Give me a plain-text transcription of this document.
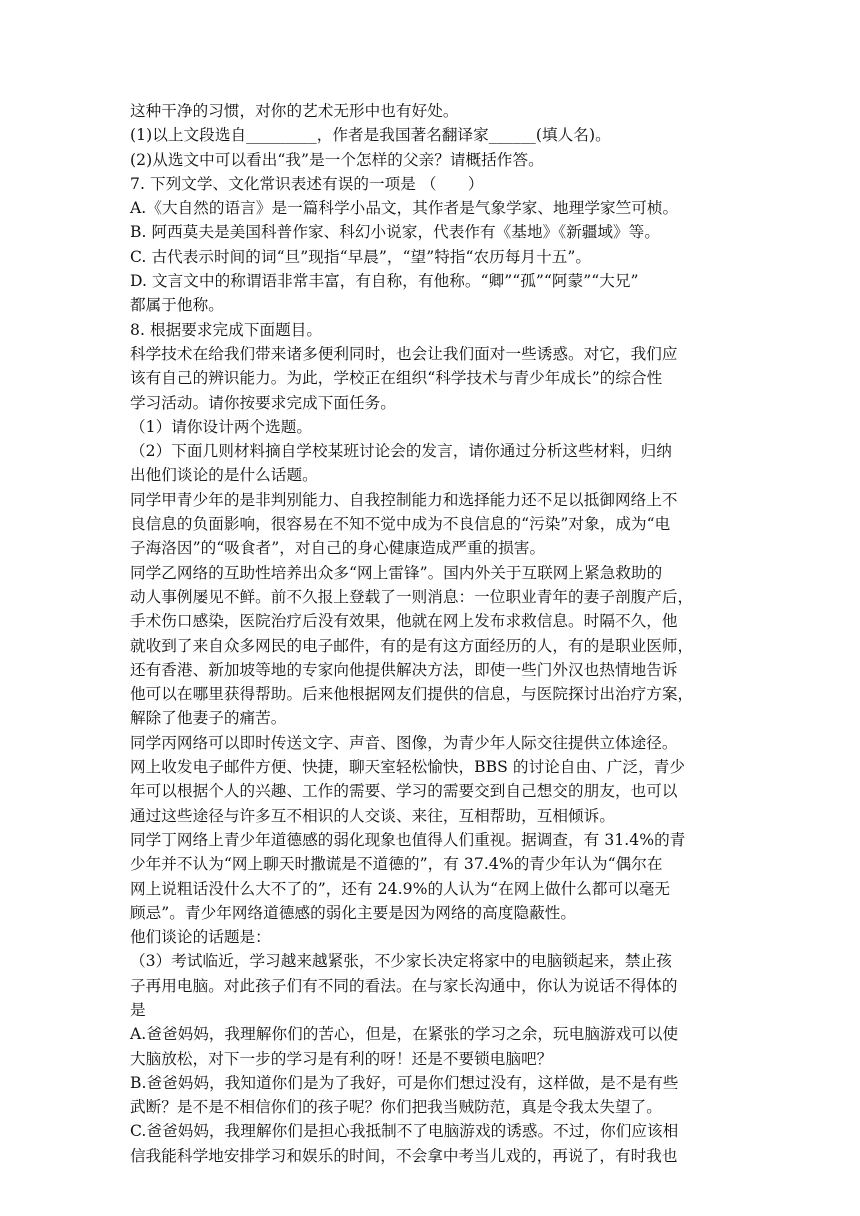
这种干净的习惯，对你的艺术无形中也有好处。
(1)以上文段选自_________，作者是我国著名翻译家______(填人名)。
(2)从选文中可以看出“我”是一个怎样的父亲？请概括作答。
7. 下列文学、文化常识表述有误的一项是 （　　）
A.《大自然的语言》是一篇科学小品文，其作者是气象学家、地理学家竺可桢。
B. 阿西莫夫是美国科普作家、科幻小说家，代表作有《基地》《新疆域》等。
C. 古代表示时间的词“旦”现指“早晨”，“望”特指“农历每月十五”。
D. 文言文中的称谓语非常丰富，有自称，有他称。“卿”“孤”“阿蒙”“大兄”
都属于他称。
8. 根据要求完成下面题目。
科学技术在给我们带来诸多便利同时，也会让我们面对一些诱惑。对它，我们应
该有自己的辨识能力。为此，学校正在组织“科学技术与青少年成长”的综合性
学习活动。请你按要求完成下面任务。
（1）请你设计两个选题。
（2）下面几则材料摘自学校某班讨论会的发言，请你通过分析这些材料，归纳
出他们谈论的是什么话题。
同学甲青少年的是非判别能力、自我控制能力和选择能力还不足以抵御网络上不
良信息的负面影响，很容易在不知不觉中成为不良信息的“污染”对象，成为“电
子海洛因”的“吸食者”，对自己的身心健康造成严重的损害。
同学乙网络的互助性培养出众多“网上雷锋”。国内外关于互联网上紧急救助的
动人事例屡见不鲜。前不久报上登载了一则消息：一位职业青年的妻子剖腹产后，
手术伤口感染，医院治疗后没有效果，他就在网上发布求救信息。时隔不久，他
就收到了来自众多网民的电子邮件，有的是有这方面经历的人，有的是职业医师，
还有香港、新加坡等地的专家向他提供解决方法，即使一些门外汉也热情地告诉
他可以在哪里获得帮助。后来他根据网友们提供的信息，与医院探讨出治疗方案，
解除了他妻子的痛苦。
同学丙网络可以即时传送文字、声音、图像，为青少年人际交往提供立体途径。
网上收发电子邮件方便、快捷，聊天室轻松愉快，BBS 的讨论自由、广泛，青少
年可以根据个人的兴趣、工作的需要、学习的需要交到自己想交的朋友，也可以
通过这些途径与许多互不相识的人交谈、来往，互相帮助，互相倾诉。
同学丁网络上青少年道德感的弱化现象也值得人们重视。据调查，有 31.4%的青
少年并不认为“网上聊天时撒谎是不道德的”，有 37.4%的青少年认为“偶尔在
网上说粗话没什么大不了的”，还有 24.9%的人认为“在网上做什么都可以毫无
顾忌”。青少年网络道德感的弱化主要是因为网络的高度隐蔽性。
他们谈论的话题是：
（3）考试临近，学习越来越紧张，不少家长决定将家中的电脑锁起来，禁止孩
子再用电脑。对此孩子们有不同的看法。在与家长沟通中，你认为说话不得体的
是
A.爸爸妈妈，我理解你们的苦心，但是，在紧张的学习之余，玩电脑游戏可以使
大脑放松，对下一步的学习是有利的呀！还是不要锁电脑吧？
B.爸爸妈妈，我知道你们是为了我好，可是你们想过没有，这样做，是不是有些
武断？是不是不相信你们的孩子呢？你们把我当贼防范，真是令我太失望了。
C.爸爸妈妈，我理解你们是担心我抵制不了电脑游戏的诱惑。不过，你们应该相
信我能科学地安排学习和娱乐的时间，不会拿中考当儿戏的，再说了，有时我也
